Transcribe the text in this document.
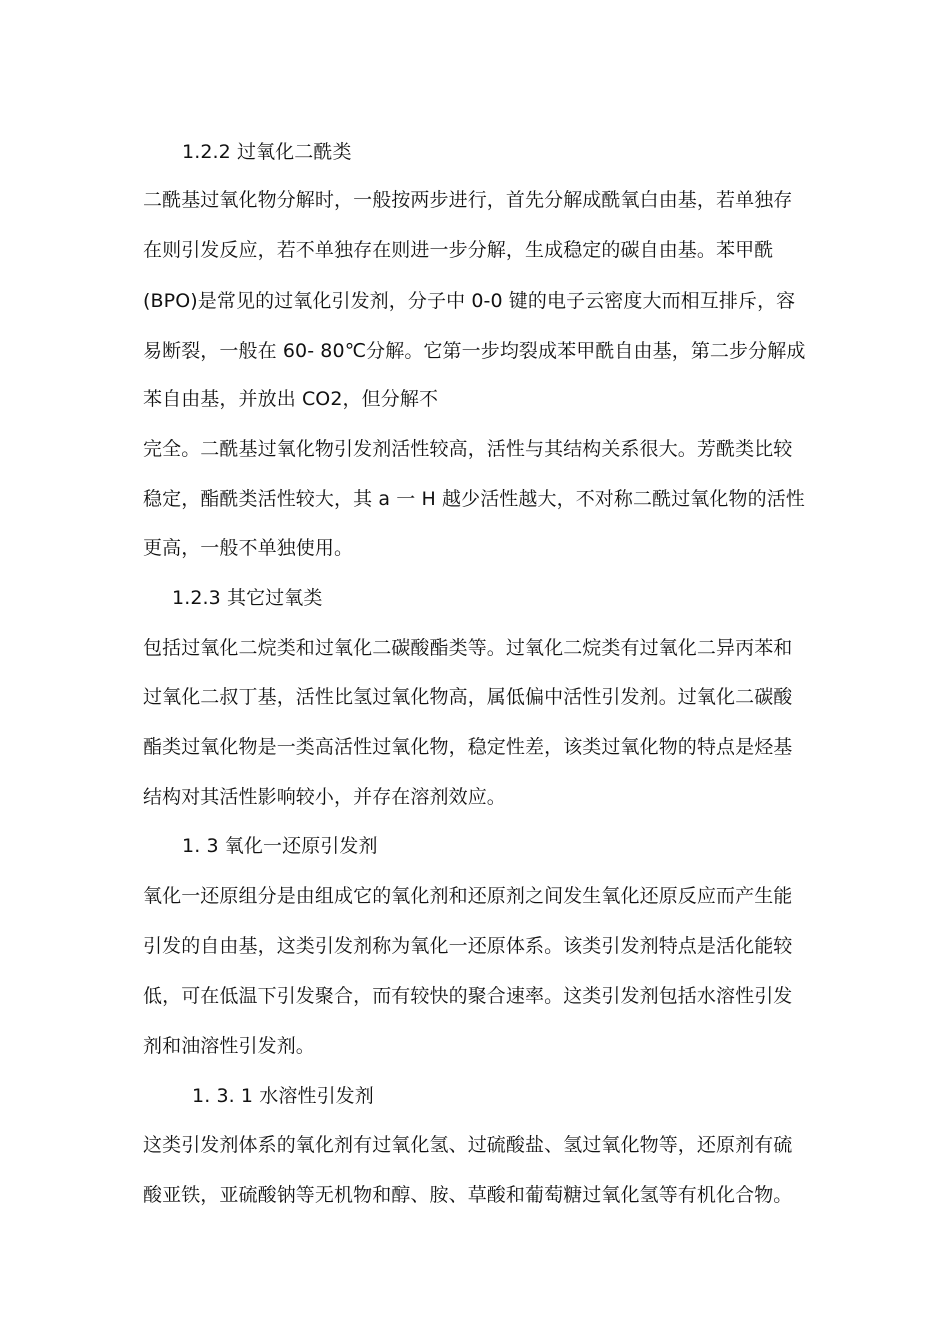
1.2.2 过氧化二酰类
二酰基过氧化物分解时，一般按两步进行，首先分解成酰氧白由基，若单独存
在则引发反应，若不单独存在则进一步分解，生成稳定的碳自由基。苯甲酰
(BPO)是常见的过氧化引发剂，分子中 0-0 键的电子云密度大而相互排斥，容
易断裂，一般在 60- 80℃分解。它第一步均裂成苯甲酰自由基，第二步分解成
苯自由基，并放出 CO2，但分解不
完全。二酰基过氧化物引发剂活性较高，活性与其结构关系很大。芳酰类比较
稳定，酯酰类活性较大，其 a 一 H 越少活性越大，不对称二酰过氧化物的活性
更高，一般不单独使用。
1.2.3 其它过氧类
包括过氧化二烷类和过氧化二碳酸酯类等。过氧化二烷类有过氧化二异丙苯和
过氧化二叔丁基，活性比氢过氧化物高，属低偏中活性引发剂。过氧化二碳酸
酯类过氧化物是一类高活性过氧化物，稳定性差，该类过氧化物的特点是烃基
结构对其活性影响较小，并存在溶剂效应。
1. 3 氧化一还原引发剂
氧化一还原组分是由组成它的氧化剂和还原剂之间发生氧化还原反应而产生能
引发的自由基，这类引发剂称为氧化一还原体系。该类引发剂特点是活化能较
低，可在低温下引发聚合，而有较快的聚合速率。这类引发剂包括水溶性引发
剂和油溶性引发剂。
1. 3. 1 水溶性引发剂
这类引发剂体系的氧化剂有过氧化氢、过硫酸盐、氢过氧化物等，还原剂有硫
酸亚铁，亚硫酸钠等无机物和醇、胺、草酸和葡萄糖过氧化氢等有机化合物。
